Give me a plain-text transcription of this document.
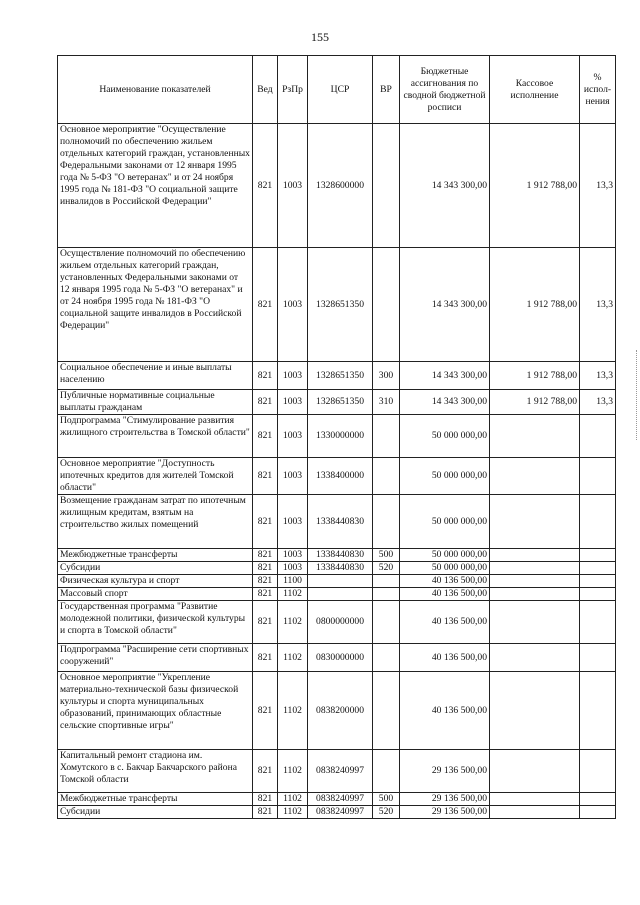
155
Наименование показателей	Вед	РзПр	ЦСР	ВР	Бюджетные ассигнования по сводной бюджетной росписи	Кассовое исполнение	% испол-нения
Основное мероприятие "Осуществление полномочий по обеспечению жильем отдельных категорий граждан, установленных Федеральными законами от 12 января 1995 года № 5-ФЗ "О ветеранах" и от 24 ноября 1995 года № 181-ФЗ "О социальной защите инвалидов в Российской Федерации"	821	1003	1328600000		14 343 300,00	1 912 788,00	13,3
Осуществление полномочий по обеспечению жильем отдельных категорий граждан, установленных Федеральными законами от 12 января 1995 года № 5-ФЗ "О ветеранах" и от 24 ноября 1995 года № 181-ФЗ "О социальной защите инвалидов в Российской Федерации"	821	1003	1328651350		14 343 300,00	1 912 788,00	13,3
Социальное обеспечение и иные выплаты населению	821	1003	1328651350	300	14 343 300,00	1 912 788,00	13,3
Публичные нормативные социальные выплаты гражданам	821	1003	1328651350	310	14 343 300,00	1 912 788,00	13,3
Подпрограмма "Стимулирование развития жилищного строительства в Томской области"	821	1003	1330000000		50 000 000,00		
Основное мероприятие "Доступность ипотечных кредитов для жителей Томской области"	821	1003	1338400000		50 000 000,00		
Возмещение гражданам затрат по ипотечным жилищным кредитам, взятым на строительство жилых помещений	821	1003	1338440830		50 000 000,00		
Межбюджетные трансферты	821	1003	1338440830	500	50 000 000,00		
Субсидии	821	1003	1338440830	520	50 000 000,00		
Физическая культура и спорт	821	1100			40 136 500,00		
Массовый спорт	821	1102			40 136 500,00		
Государственная программа "Развитие молодежной политики, физической культуры и спорта в Томской области"	821	1102	0800000000		40 136 500,00		
Подпрограмма "Расширение сети спортивных сооружений"	821	1102	0830000000		40 136 500,00		
Основное мероприятие "Укрепление материально-технической базы физической культуры и спорта муниципальных образований, принимающих областные сельские спортивные игры"	821	1102	0838200000		40 136 500,00		
Капитальный ремонт стадиона им. Хомутского в с. Бакчар Бакчарского района Томской области	821	1102	0838240997		29 136 500,00		
Межбюджетные трансферты	821	1102	0838240997	500	29 136 500,00		
Субсидии	821	1102	0838240997	520	29 136 500,00		
